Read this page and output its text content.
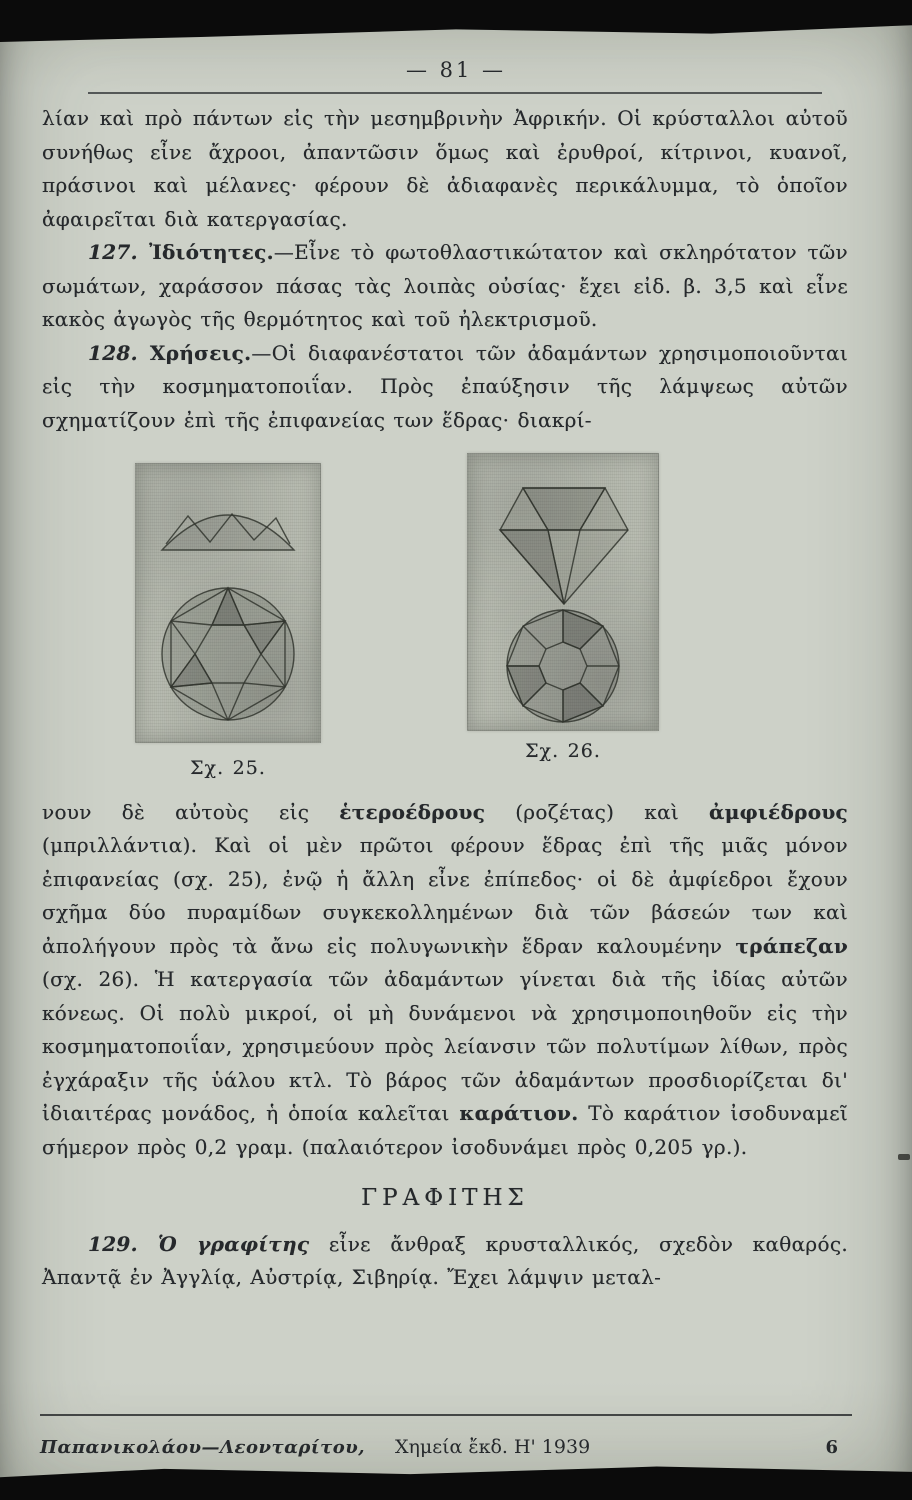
— 81 —

λίαν καὶ πρὸ πάντων εἰς τὴν μεσημβρινὴν Ἀφρικήν. Οἱ κρύσταλλοι αὐτοῦ συνήθως εἶνε ἄχροοι, ἀπαντῶσιν ὅμως καὶ ἐρυθροί, κίτρινοι, κυανοῖ, πράσινοι καὶ μέλανες· φέρουν δὲ ἀδιαφανὲς περικάλυμμα, τὸ ὁποῖον ἀφαιρεῖται διὰ κατεργασίας.

127. Ἰδιότητες.—Εἶνε τὸ φωτοθλαστικώτατον καὶ σκληρότατον τῶν σωμάτων, χαράσσον πάσας τὰς λοιπὰς οὐσίας· ἔχει εἰδ. β. 3,5 καὶ εἶνε κακὸς ἀγωγὸς τῆς θερμότητος καὶ τοῦ ἠλεκτρισμοῦ.

128. Χρήσεις.—Οἱ διαφανέστατοι τῶν ἀδαμάντων χρησιμοποιοῦνται εἰς τὴν κοσμηματοποιΐαν. Πρὸς ἐπαύξησιν τῆς λάμψεως αὐτῶν σχηματίζουν ἐπὶ τῆς ἐπιφανείας των ἕδρας· διακρί-

Σχ. 25.
Σχ. 26.

νουν δὲ αὐτοὺς εἰς ἑτεροέδρους (ροζέτας) καὶ ἀμφιέδρους (μπριλλάντια). Καὶ οἱ μὲν πρῶτοι φέρουν ἕδρας ἐπὶ τῆς μιᾶς μόνον ἐπιφανείας (σχ. 25), ἐνῷ ἡ ἄλλη εἶνε ἐπίπεδος· οἱ δὲ ἀμφίεδροι ἔχουν σχῆμα δύο πυραμίδων συγκεκολλημένων διὰ τῶν βάσεών των καὶ ἀπολήγουν πρὸς τὰ ἄνω εἰς πολυγωνικὴν ἕδραν καλουμένην τράπεζαν (σχ. 26). Ἡ κατεργασία τῶν ἀδαμάντων γίνεται διὰ τῆς ἰδίας αὐτῶν κόνεως. Οἱ πολὺ μικροί, οἱ μὴ δυνάμενοι νὰ χρησιμοποιηθοῦν εἰς τὴν κοσμηματοποιΐαν, χρησιμεύουν πρὸς λείανσιν τῶν πολυτίμων λίθων, πρὸς ἐγχάραξιν τῆς ὑάλου κτλ. Τὸ βάρος τῶν ἀδαμάντων προσδιορίζεται δι' ἰδιαιτέρας μονάδος, ἡ ὁποία καλεῖται καράτιον. Τὸ καράτιον ἰσοδυναμεῖ σήμερον πρὸς 0,2 γραμ. (παλαιότερον ἰσοδυνάμει πρὸς 0,205 γρ.).

ΓΡΑΦΙΤΗΣ

129. Ὁ γραφίτης εἶνε ἄνθραξ κρυσταλλικός, σχεδὸν καθαρός. Ἀπαντᾷ ἐν Ἀγγλίᾳ, Αὐστρίᾳ, Σιβηρίᾳ. Ἔχει λάμψιν μεταλ-

Παπανικολάου—Λεονταρίτου, Χημεία ἔκδ. Η' 1939	6
